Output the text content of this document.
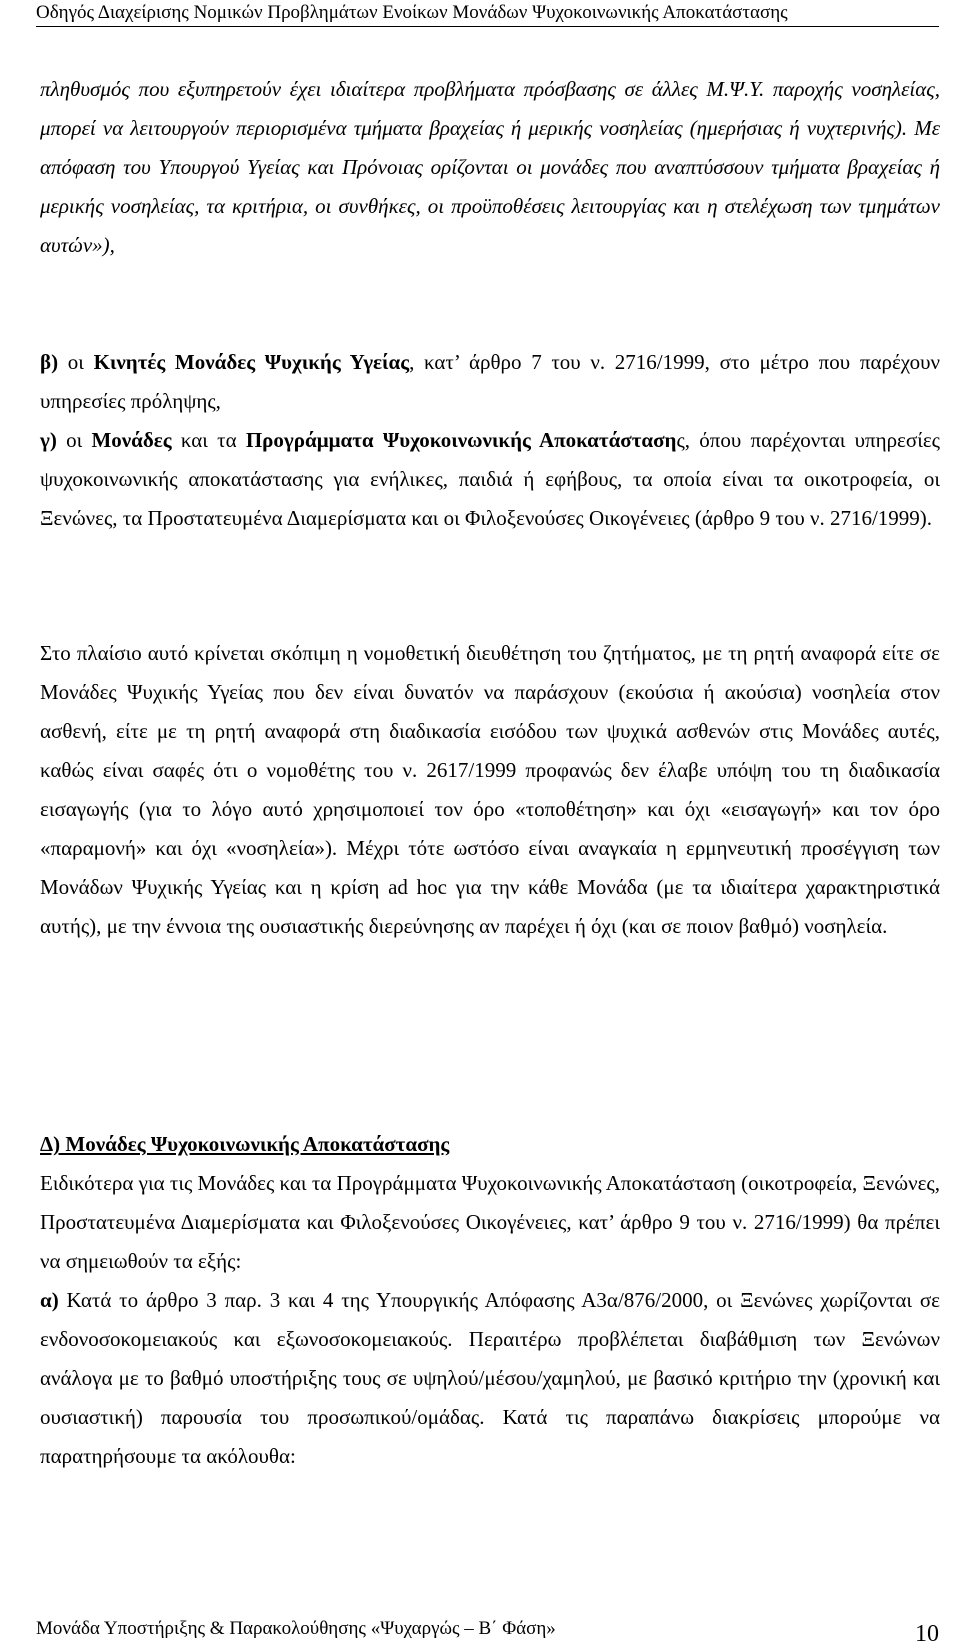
Οδηγός Διαχείρισης Νομικών Προβλημάτων Ενοίκων Μονάδων Ψυχοκοινωνικής Αποκατάστασης
πληθυσμός που εξυπηρετούν έχει ιδιαίτερα προβλήματα πρόσβασης σε άλλες Μ.Ψ.Υ. παροχής νοσηλείας, μπορεί να λειτουργούν περιορισμένα τμήματα βραχείας ή μερικής νοσηλείας (ημερήσιας ή νυχτερινής). Με απόφαση του Υπουργού Υγείας και Πρόνοιας ορίζονται οι μονάδες που αναπτύσσουν τμήματα βραχείας ή μερικής νοσηλείας, τα κριτήρια, οι συνθήκες, οι προϋποθέσεις λειτουργίας και η στελέχωση των τμημάτων αυτών»),
β) οι Κινητές Μονάδες Ψυχικής Υγείας, κατ’ άρθρο 7 του ν. 2716/1999, στο μέτρο που παρέχουν υπηρεσίες πρόληψης,
γ) οι Μονάδες και τα Προγράμματα Ψυχοκοινωνικής Αποκατάστασης, όπου παρέχονται υπηρεσίες ψυχοκοινωνικής αποκατάστασης για ενήλικες, παιδιά ή εφήβους, τα οποία είναι τα οικοτροφεία, οι Ξενώνες, τα Προστατευμένα Διαμερίσματα και οι Φιλοξενούσες Οικογένειες (άρθρο 9 του ν. 2716/1999).
Στο πλαίσιο αυτό κρίνεται σκόπιμη η νομοθετική διευθέτηση του ζητήματος, με τη ρητή αναφορά είτε σε Μονάδες Ψυχικής Υγείας που δεν είναι δυνατόν να παράσχουν (εκούσια ή ακούσια) νοσηλεία στον ασθενή, είτε με τη ρητή αναφορά στη διαδικασία εισόδου των ψυχικά ασθενών στις Μονάδες αυτές, καθώς είναι σαφές ότι ο νομοθέτης του ν. 2617/1999 προφανώς δεν έλαβε υπόψη του τη διαδικασία εισαγωγής (για το λόγο αυτό χρησιμοποιεί τον όρο «τοποθέτηση» και όχι «εισαγωγή» και τον όρο «παραμονή» και όχι «νοσηλεία»). Μέχρι τότε ωστόσο είναι αναγκαία η ερμηνευτική προσέγγιση των Μονάδων Ψυχικής Υγείας και η κρίση ad hoc για την κάθε Μονάδα (με τα ιδιαίτερα χαρακτηριστικά αυτής), με την έννοια της ουσιαστικής διερεύνησης αν παρέχει ή όχι (και σε ποιον βαθμό) νοσηλεία.
Δ) Μονάδες Ψυχοκοινωνικής Αποκατάστασης
Ειδικότερα για τις Μονάδες και τα Προγράμματα Ψυχοκοινωνικής Αποκατάσταση (οικοτροφεία, Ξενώνες, Προστατευμένα Διαμερίσματα και Φιλοξενούσες Οικογένειες, κατ’ άρθρο 9 του ν. 2716/1999) θα πρέπει να σημειωθούν τα εξής:
α) Κατά το άρθρο 3 παρ. 3 και 4 της Υπουργικής Απόφασης Α3α/876/2000, οι Ξενώνες χωρίζονται σε ενδονοσοκομειακούς και εξωνοσοκομειακούς. Περαιτέρω προβλέπεται διαβάθμιση των Ξενώνων ανάλογα με το βαθμό υποστήριξης τους σε υψηλού/μέσου/χαμηλού, με βασικό κριτήριο την (χρονική και ουσιαστική) παρουσία του προσωπικού/ομάδας. Κατά τις παραπάνω διακρίσεις μπορούμε να παρατηρήσουμε τα ακόλουθα:
Μονάδα Υποστήριξης & Παρακολούθησης «Ψυχαργώς – Β΄ Φάση»	10
